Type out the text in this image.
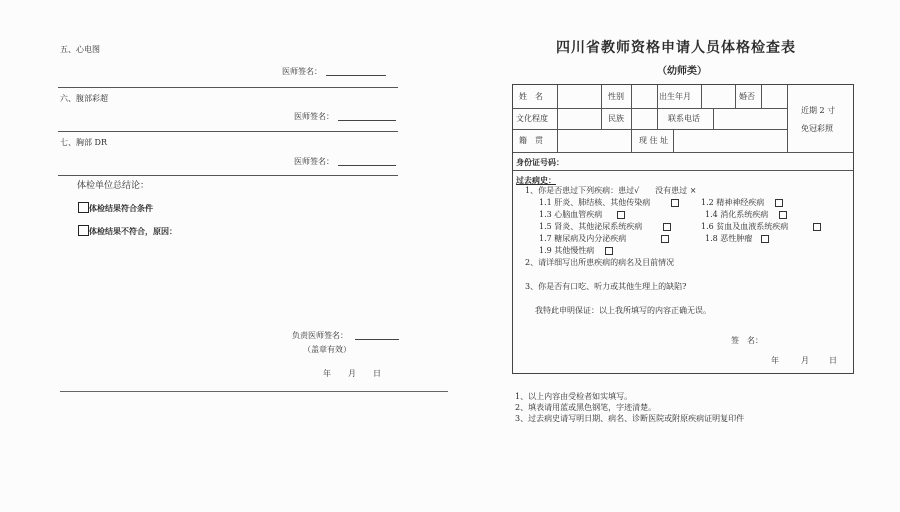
五、心电图
医师签名：
六、腹部彩超
医师签名：
七、胸部 DR
医师签名：
体检单位总结论：
体检结果符合条件
体检结果不符合，原因：
负责医师签名：
（盖章有效）
年 月 日
四川省教师资格申请人员体格检查表
（幼师类）
姓　名	性别	出生年月	婚否
近期 2 寸
免冠彩照
文化程度	民族	联系电话
籍　贯	现 住 址
身份证号码：
过去病史：
1、你是否患过下列疾病：患过√　　没有患过 ×
1.1 肝炎、肺结核、其他传染病	1.2 精神神经疾病
1.3 心脑血管疾病	1.4 消化系统疾病
1.5 肾炎、其他泌尿系统疾病	1.6 贫血及血液系统疾病
1.7 糖尿病及内分泌疾病	1.8 恶性肿瘤
1.9 其他慢性病
2、请详细写出所患疾病的病名及目前情况
3、你是否有口吃、听力或其他生理上的缺陷?
我特此申明保证：以上我所填写的内容正确无误。
签　名：
年	月	日
1、以上内容由受检者如实填写。
2、填表请用蓝或黑色钢笔，字迹清楚。
3、过去病史请写明日期、病名、诊断医院或附原疾病证明复印件
